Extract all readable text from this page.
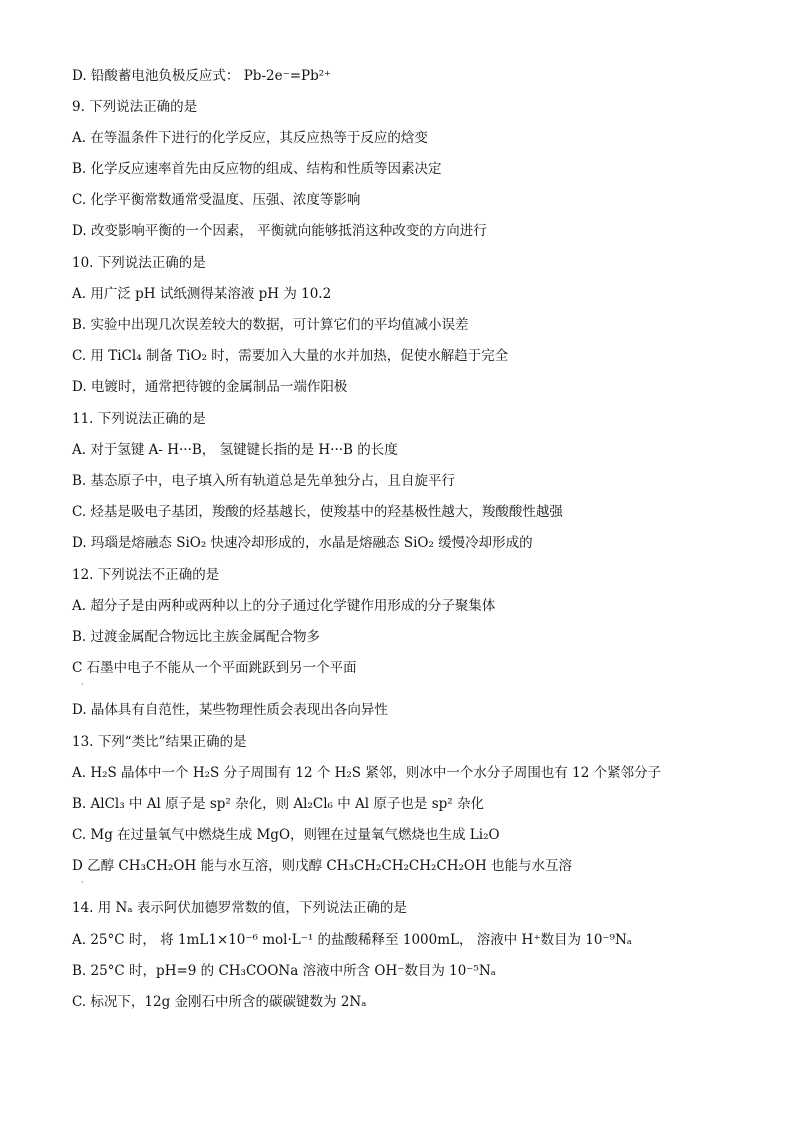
D. 铅酸蓄电池负极反应式： Pb-2e⁻=Pb²⁺
9. 下列说法正确的是
A. 在等温条件下进行的化学反应，其反应热等于反应的焓变
B. 化学反应速率首先由反应物的组成、结构和性质等因素决定
C. 化学平衡常数通常受温度、压强、浓度等影响
D. 改变影响平衡的一个因素， 平衡就向能够抵消这种改变的方向进行
10. 下列说法正确的是
A. 用广泛 pH 试纸测得某溶液 pH 为 10.2
B. 实验中出现几次误差较大的数据，可计算它们的平均值减小误差
C. 用 TiCl₄ 制备 TiO₂ 时，需要加入大量的水并加热，促使水解趋于完全
D. 电镀时，通常把待镀的金属制品一端作阳极
11. 下列说法正确的是
A. 对于氢键 A- H···B， 氢键键长指的是 H···B 的长度
B. 基态原子中，电子填入所有轨道总是先单独分占，且自旋平行
C. 烃基是吸电子基团，羧酸的烃基越长，使羧基中的羟基极性越大，羧酸酸性越强
D. 玛瑙是熔融态 SiO₂ 快速冷却形成的，水晶是熔融态 SiO₂ 缓慢冷却形成的
12. 下列说法不正确的是
A. 超分子是由两种或两种以上的分子通过化学键作用形成的分子聚集体
B. 过渡金属配合物远比主族金属配合物多
C 石墨中电子不能从一个平面跳跃到另一个平面
·
D. 晶体具有自范性，某些物理性质会表现出各向异性
13. 下列“类比”结果正确的是
A. H₂S 晶体中一个 H₂S 分子周围有 12 个 H₂S 紧邻，则冰中一个水分子周围也有 12 个紧邻分子
B. AlCl₃ 中 Al 原子是 sp² 杂化，则 Al₂Cl₆ 中 Al 原子也是 sp² 杂化
C. Mg 在过量氧气中燃烧生成 MgO，则锂在过量氧气燃烧也生成 Li₂O
D 乙醇 CH₃CH₂OH 能与水互溶，则戊醇 CH₃CH₂CH₂CH₂CH₂OH 也能与水互溶
·
14. 用 Nₐ 表示阿伏加德罗常数的值，下列说法正确的是
A. 25°C 时， 将 1mL1×10⁻⁶ mol·L⁻¹ 的盐酸稀释至 1000mL， 溶液中 H⁺数目为 10⁻⁹Nₐ
B. 25°C 时，pH=9 的 CH₃COONa 溶液中所含 OH⁻数目为 10⁻⁵Nₐ
C. 标况下，12g 金刚石中所含的碳碳键数为 2Nₐ
